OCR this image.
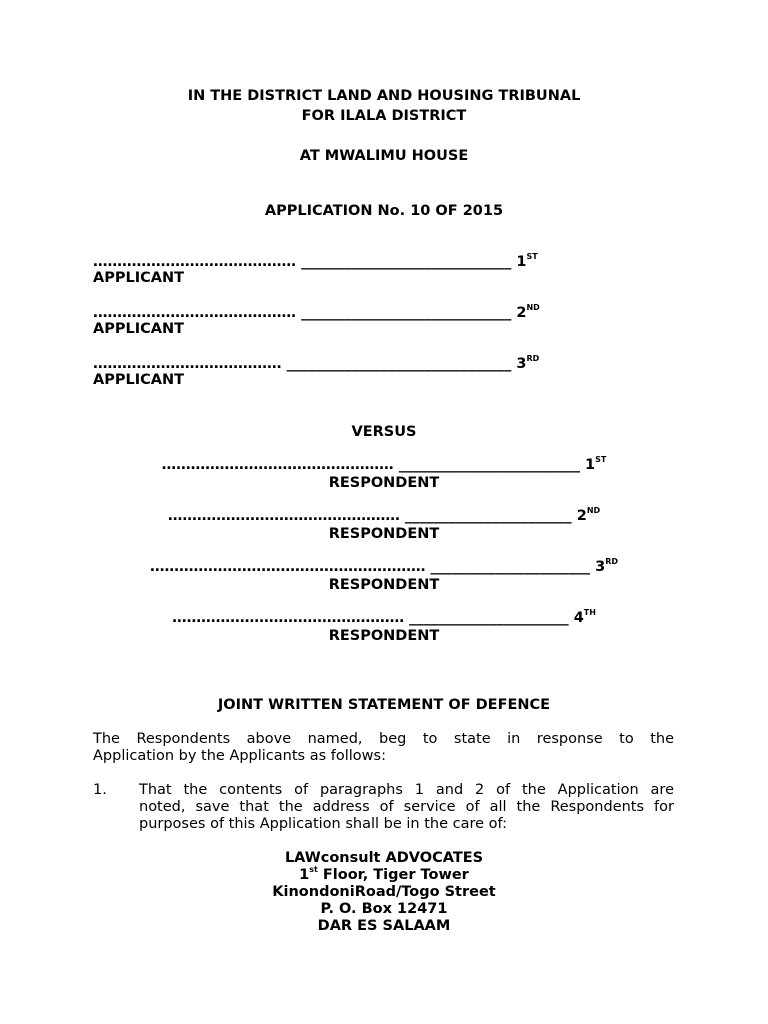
IN THE DISTRICT LAND AND HOUSING TRIBUNAL
FOR ILALA DISTRICT
AT MWALIMU HOUSE
APPLICATION No. 10 OF 2015
…………………………………… _____________________________ 1ST
APPLICANT
…………………………………… _____________________________ 2ND
APPLICANT
………………………………… _______________________________ 3RD
APPLICANT
VERSUS
………………………………………… _________________________ 1ST
RESPONDENT
………………………………………… _______________________ 2ND
RESPONDENT
………………………………………………… ______________________ 3RD
RESPONDENT
………………………………………… ______________________ 4TH
RESPONDENT
JOINT WRITTEN STATEMENT OF DEFENCE
The Respondents above named, beg to state in response to the
Application by the Applicants as follows:
1. That the contents of paragraphs 1 and 2 of the Application are
noted, save that the address of service of all the Respondents for
purposes of this Application shall be in the care of:
LAWconsult ADVOCATES
1st Floor, Tiger Tower
KinondoniRoad/Togo Street
P. O. Box 12471
DAR ES SALAAM
